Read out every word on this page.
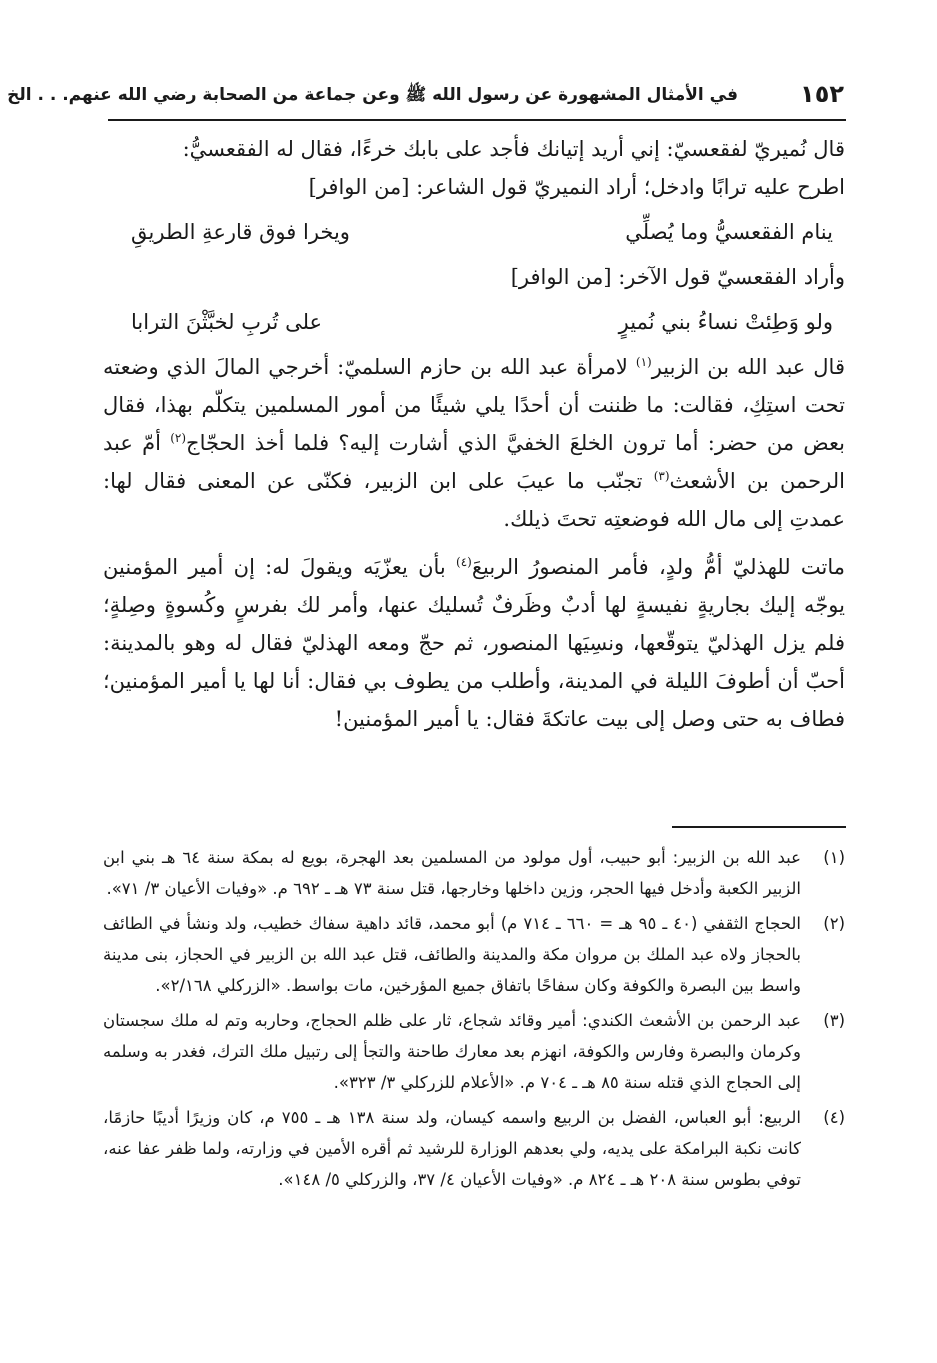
١٥٢
في الأمثال المشهورة عن رسول الله ﷺ وعن جماعة من الصحابة رضي الله عنهم. . . الخ

قال نُميريّ لفقعسيّ: إني أريد إتيانك فأجد على بابك خرءًا، فقال له الفقعسيُّ:
اطرح عليه ترابًا وادخل؛ أراد النميريّ قول الشاعر: [من الوافر]

ينام الفقعسيُّ وما يُصلِّي
ويخرا فوق قارعةِ الطريقِ

وأراد الفقعسيّ قول الآخر: [من الوافر]

ولو وَطِئتْ نساءُ بني نُميرٍ
على تُربِ لخبَّثْنَ الترابا

قال عبد الله بن الزبير$^{(١)}$ لامرأة عبد الله بن حازم السلميّ: أخرجي المالَ الذي وضعته تحت استِكِ، فقالت: ما ظننت أن أحدًا يلي شيئًا من أمور المسلمين يتكلّم بهذا، فقال بعض من حضر: أما ترون الخلعَ الخفيَّ الذي أشارت إليه؟ فلما أخذ الحجّاج$^{(٢)}$ أمّ عبد الرحمن بن الأشعث$^{(٣)}$ تجنّب ما عيبَ على ابن الزبير، فكنّى عن المعنى فقال لها: عمدتِ إلى مال الله فوضعتِه تحتَ ذيلك.

ماتت للهذليّ أمُّ ولدٍ، فأمر المنصورُ الربيعَ$^{(٤)}$ بأن يعزّيَه ويقولَ له: إن أمير المؤمنين يوجّه إليك بجاريةٍ نفيسةٍ لها أدبٌ وظَرفٌ تُسليك عنها، وأمر لك بفرسٍ وكُسوةٍ وصِلةٍ؛ فلم يزل الهذليّ يتوقّعها، ونسِيَها المنصور، ثم حجّ ومعه الهذليّ فقال له وهو بالمدينة: أحبّ أن أطوفَ الليلة في المدينة، وأطلب من يطوف بي فقال: أنا لها يا أمير المؤمنين؛ فطاف به حتى وصل إلى بيت عاتكةَ فقال: يا أمير المؤمنين!

(١)
عبد الله بن الزبير: أبو حبيب، أول مولود من المسلمين بعد الهجرة، بويع له بمكة سنة ٦٤ هـ بني ابن الزبير الكعبة وأدخل فيها الحجر، وزين داخلها وخارجها، قتل سنة ٧٣ هـ ـ ٦٩٢ م. «وفيات الأعيان ٣/ ٧١».
(٢)
الحجاج الثقفي (٤٠ ـ ٩٥ هـ = ٦٦٠ ـ ٧١٤ م) أبو محمد، قائد داهية سفاك خطيب، ولد ونشأ في الطائف بالحجاز ولاه عبد الملك بن مروان مكة والمدينة والطائف، قتل عبد الله بن الزبير في الحجاز، بنى مدينة واسط بين البصرة والكوفة وكان سفاحًا باتفاق جميع المؤرخين، مات بواسط. «الزركلي ٢/١٦٨».
(٣)
عبد الرحمن بن الأشعث الكندي: أمير وقائد شجاع، ثار على ظلم الحجاج، وحاربه وتم له ملك سجستان وكرمان والبصرة وفارس والكوفة، انهزم بعد معارك طاحنة والتجأ إلى رتبيل ملك الترك، فغدر به وسلمه إلى الحجاج الذي قتله سنة ٨٥ هـ ـ ٧٠٤ م. «الأعلام للزركلي ٣/ ٣٢٣».
(٤)
الربيع: أبو العباس، الفضل بن الربيع واسمه كيسان، ولد سنة ١٣٨ هـ ـ ٧٥٥ م، كان وزيرًا أديبًا حازمًا، كانت نكبة البرامكة على يديه، ولي بعدهم الوزارة للرشيد ثم أقره الأمين في وزارته، ولما ظفر عفا عنه، توفي بطوس سنة ٢٠٨ هـ ـ ٨٢٤ م. «وفيات الأعيان ٤/ ٣٧، والزركلي ٥/ ١٤٨».
